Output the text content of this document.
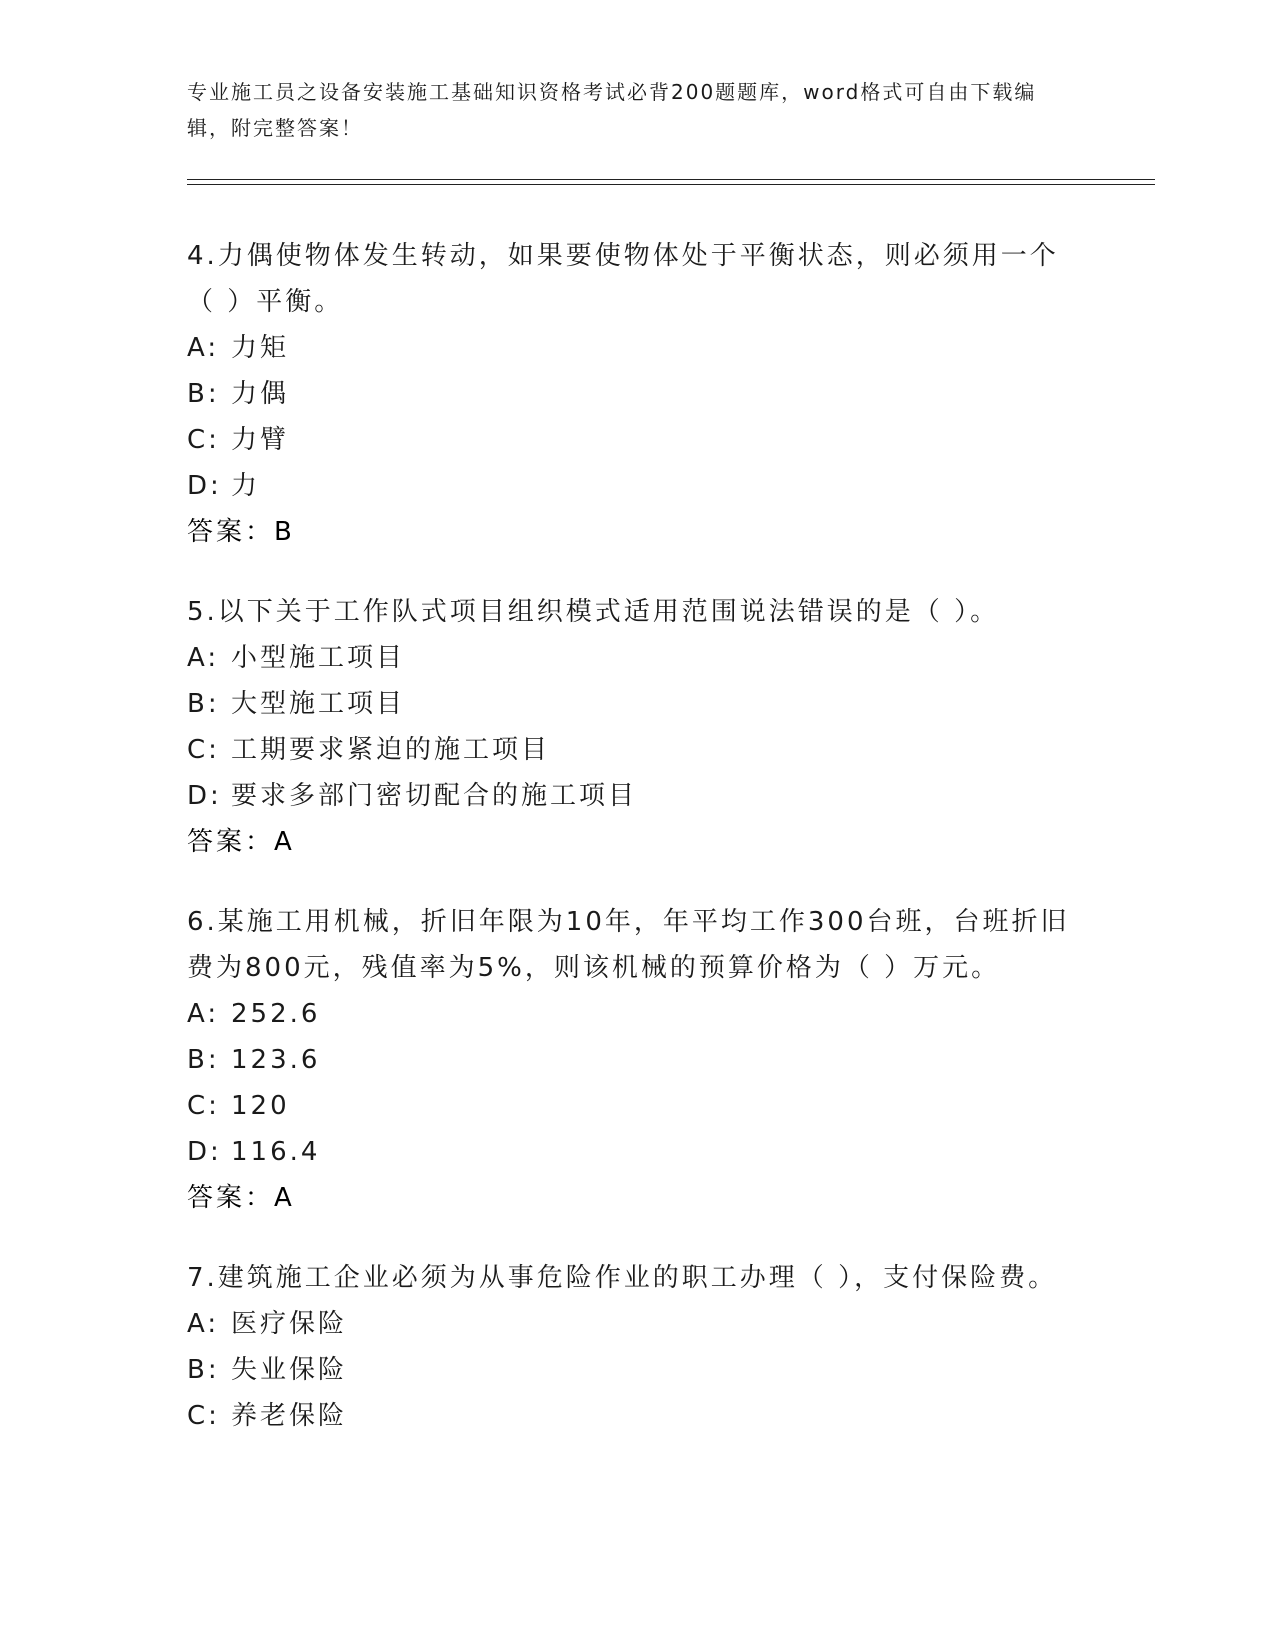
专业施工员之设备安装施工基础知识资格考试必背200题题库，word格式可自由下载编辑，附完整答案！

4.力偶使物体发生转动，如果要使物体处于平衡状态，则必须用一个（ ）平衡。

A: 力矩

B: 力偶

C: 力臂

D: 力

答案：B

5.以下关于工作队式项目组织模式适用范围说法错误的是（ ）。

A: 小型施工项目

B: 大型施工项目

C: 工期要求紧迫的施工项目

D: 要求多部门密切配合的施工项目

答案：A

6.某施工用机械，折旧年限为10年，年平均工作300台班，台班折旧费为800元，残值率为5%，则该机械的预算价格为（ ）万元。

A: 252.6

B: 123.6

C: 120

D: 116.4

答案：A

7.建筑施工企业必须为从事危险作业的职工办理（ ），支付保险费。

A: 医疗保险

B: 失业保险

C: 养老保险
